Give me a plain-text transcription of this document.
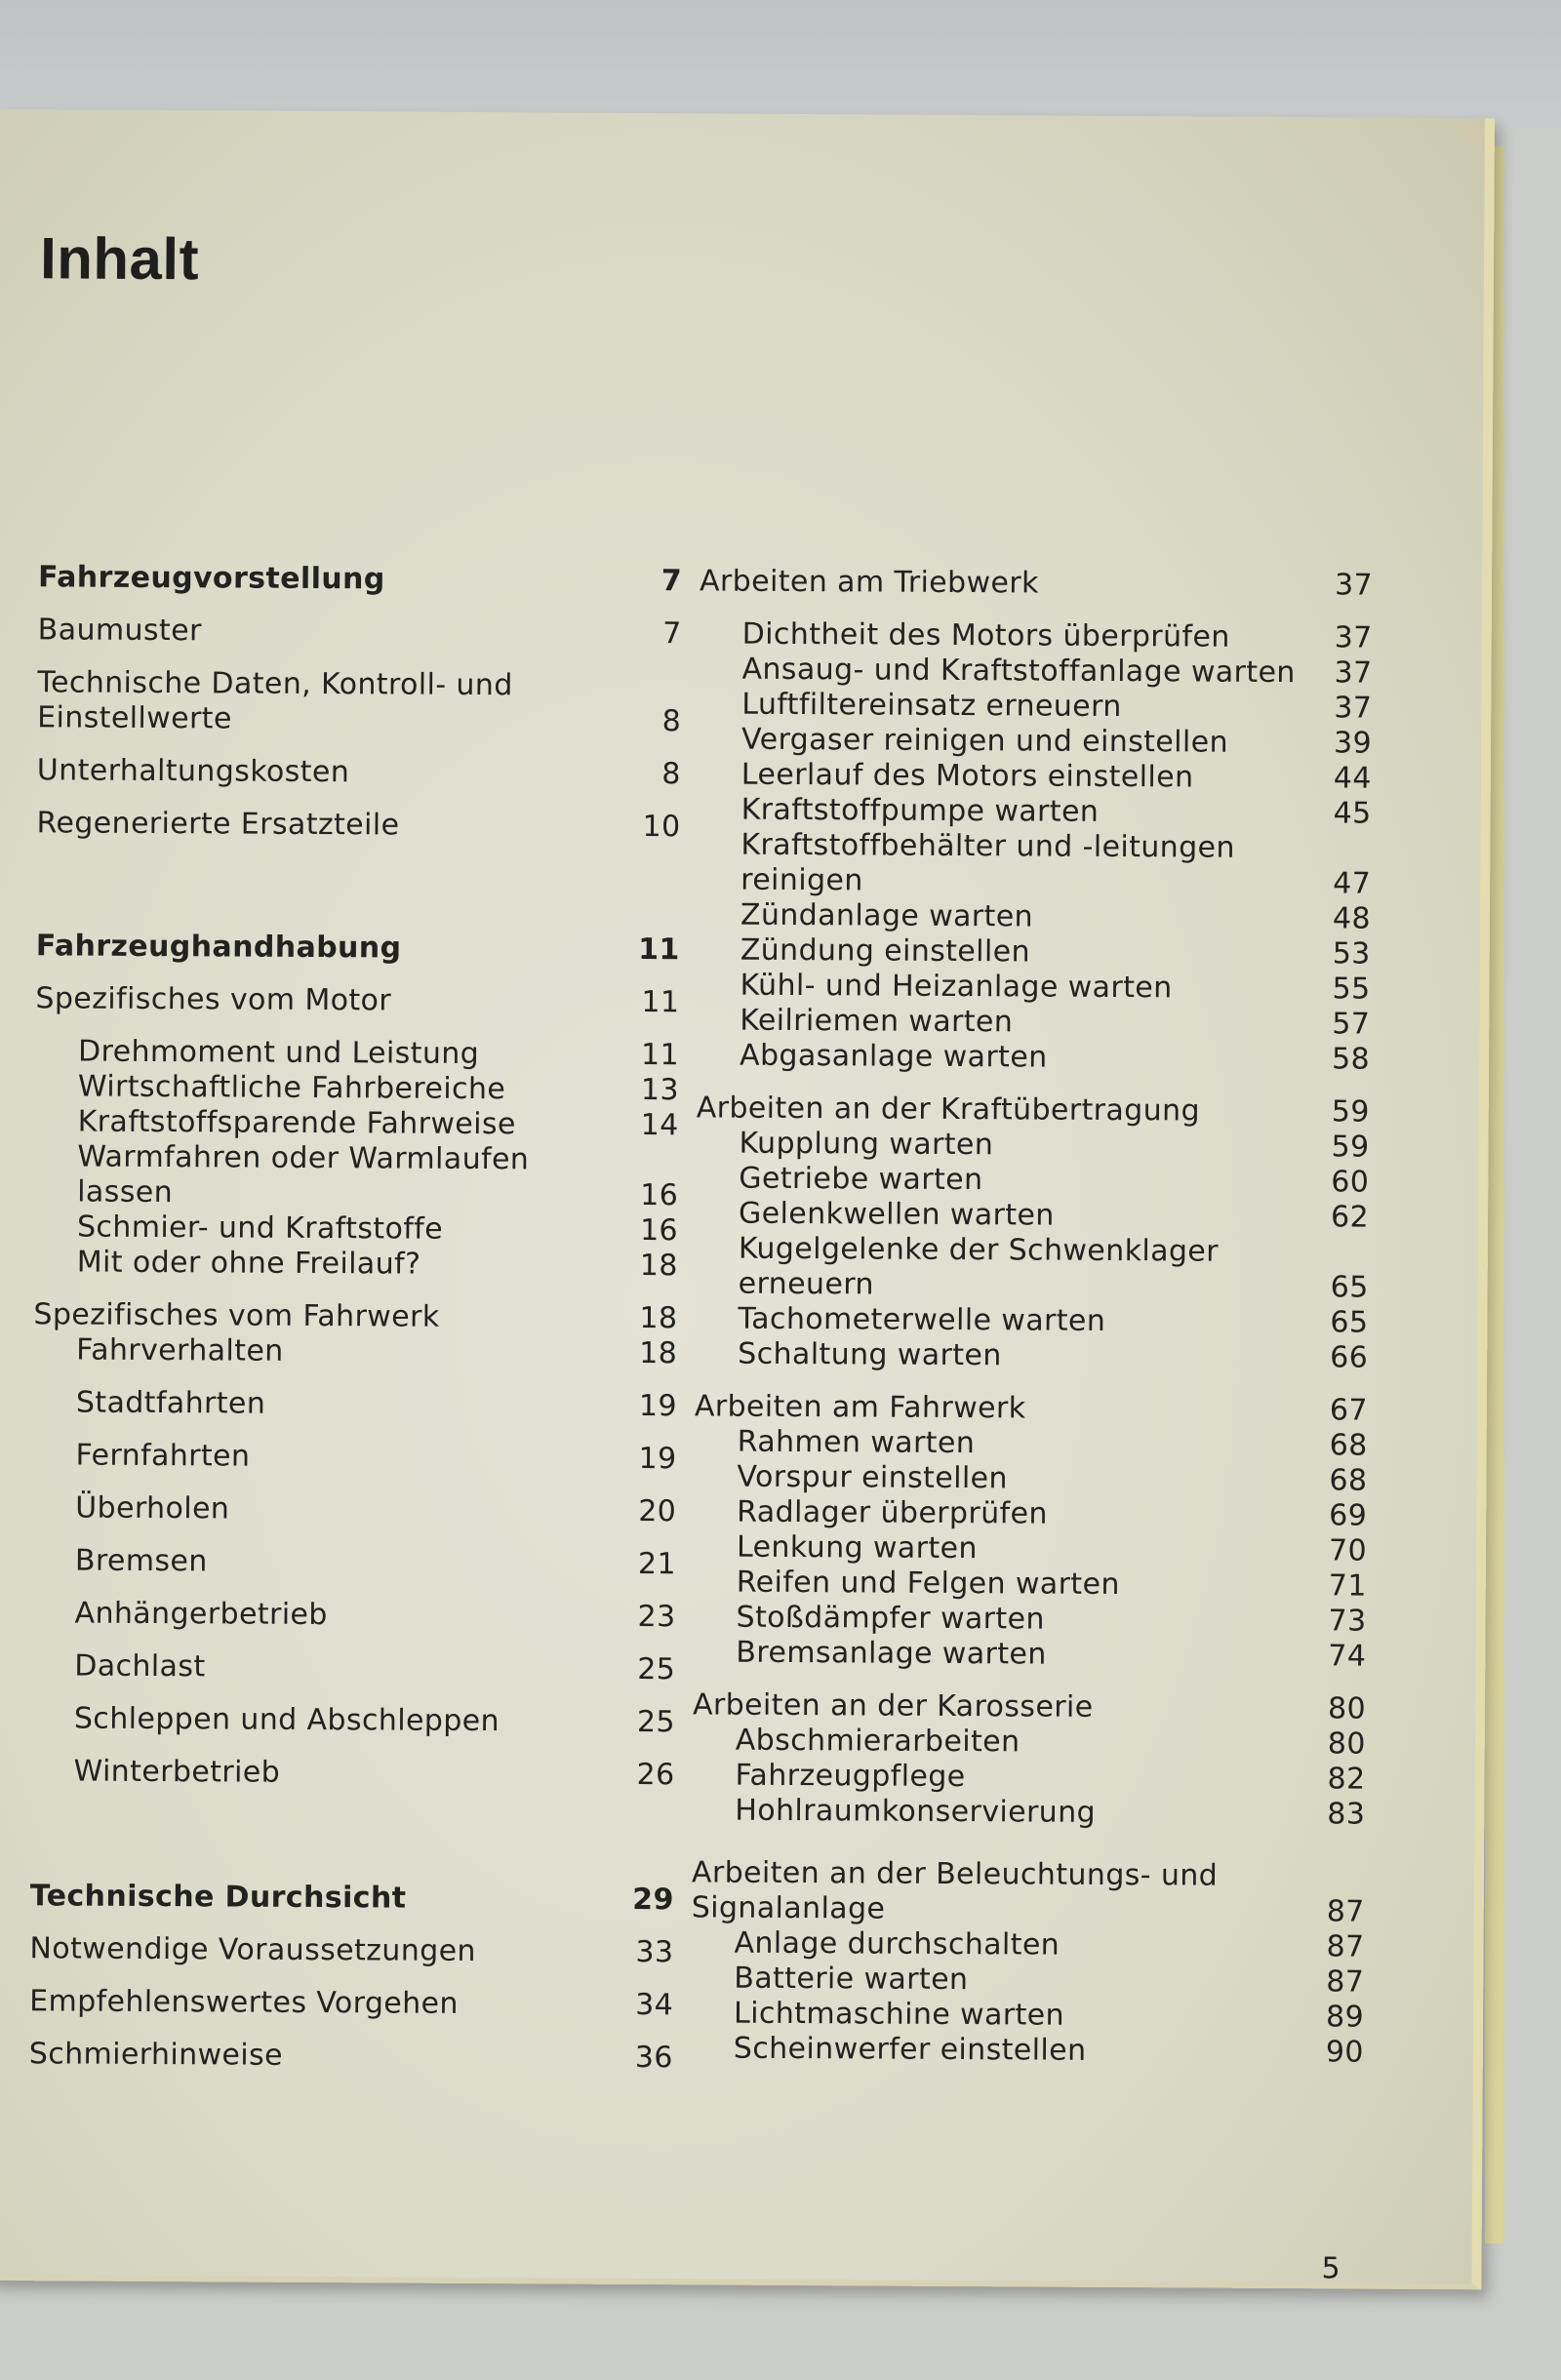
Inhalt
Fahrzeugvorstellung	7
Baumuster	7
Technische Daten, Kontroll- und Einstellwerte	8
Unterhaltungskosten	8
Regenerierte Ersatzteile	10
Fahrzeughandhabung	11
Spezifisches vom Motor	11
Drehmoment und Leistung	11
Wirtschaftliche Fahrbereiche	13
Kraftstoffsparende Fahrweise	14
Warmfahren oder Warmlaufen lassen	16
Schmier- und Kraftstoffe	16
Mit oder ohne Freilauf?	18
Spezifisches vom Fahrwerk	18
Fahrverhalten	18
Stadtfahrten	19
Fernfahrten	19
Überholen	20
Bremsen	21
Anhängerbetrieb	23
Dachlast	25
Schleppen und Abschleppen	25
Winterbetrieb	26
Technische Durchsicht	29
Notwendige Voraussetzungen	33
Empfehlenswertes Vorgehen	34
Schmierhinweise	36
Arbeiten am Triebwerk	37
Dichtheit des Motors überprüfen	37
Ansaug- und Kraftstoffanlage warten	37
Luftfiltereinsatz erneuern	37
Vergaser reinigen und einstellen	39
Leerlauf des Motors einstellen	44
Kraftstoffpumpe warten	45
Kraftstoffbehälter und -leitungen reinigen	47
Zündanlage warten	48
Zündung einstellen	53
Kühl- und Heizanlage warten	55
Keilriemen warten	57
Abgasanlage warten	58
Arbeiten an der Kraftübertragung	59
Kupplung warten	59
Getriebe warten	60
Gelenkwellen warten	62
Kugelgelenke der Schwenklager erneuern	65
Tachometerwelle warten	65
Schaltung warten	66
Arbeiten am Fahrwerk	67
Rahmen warten	68
Vorspur einstellen	68
Radlager überprüfen	69
Lenkung warten	70
Reifen und Felgen warten	71
Stoßdämpfer warten	73
Bremsanlage warten	74
Arbeiten an der Karosserie	80
Abschmierarbeiten	80
Fahrzeugpflege	82
Hohlraumkonservierung	83
Arbeiten an der Beleuchtungs- und Signalanlage	87
Anlage durchschalten	87
Batterie warten	87
Lichtmaschine warten	89
Scheinwerfer einstellen	90
5
